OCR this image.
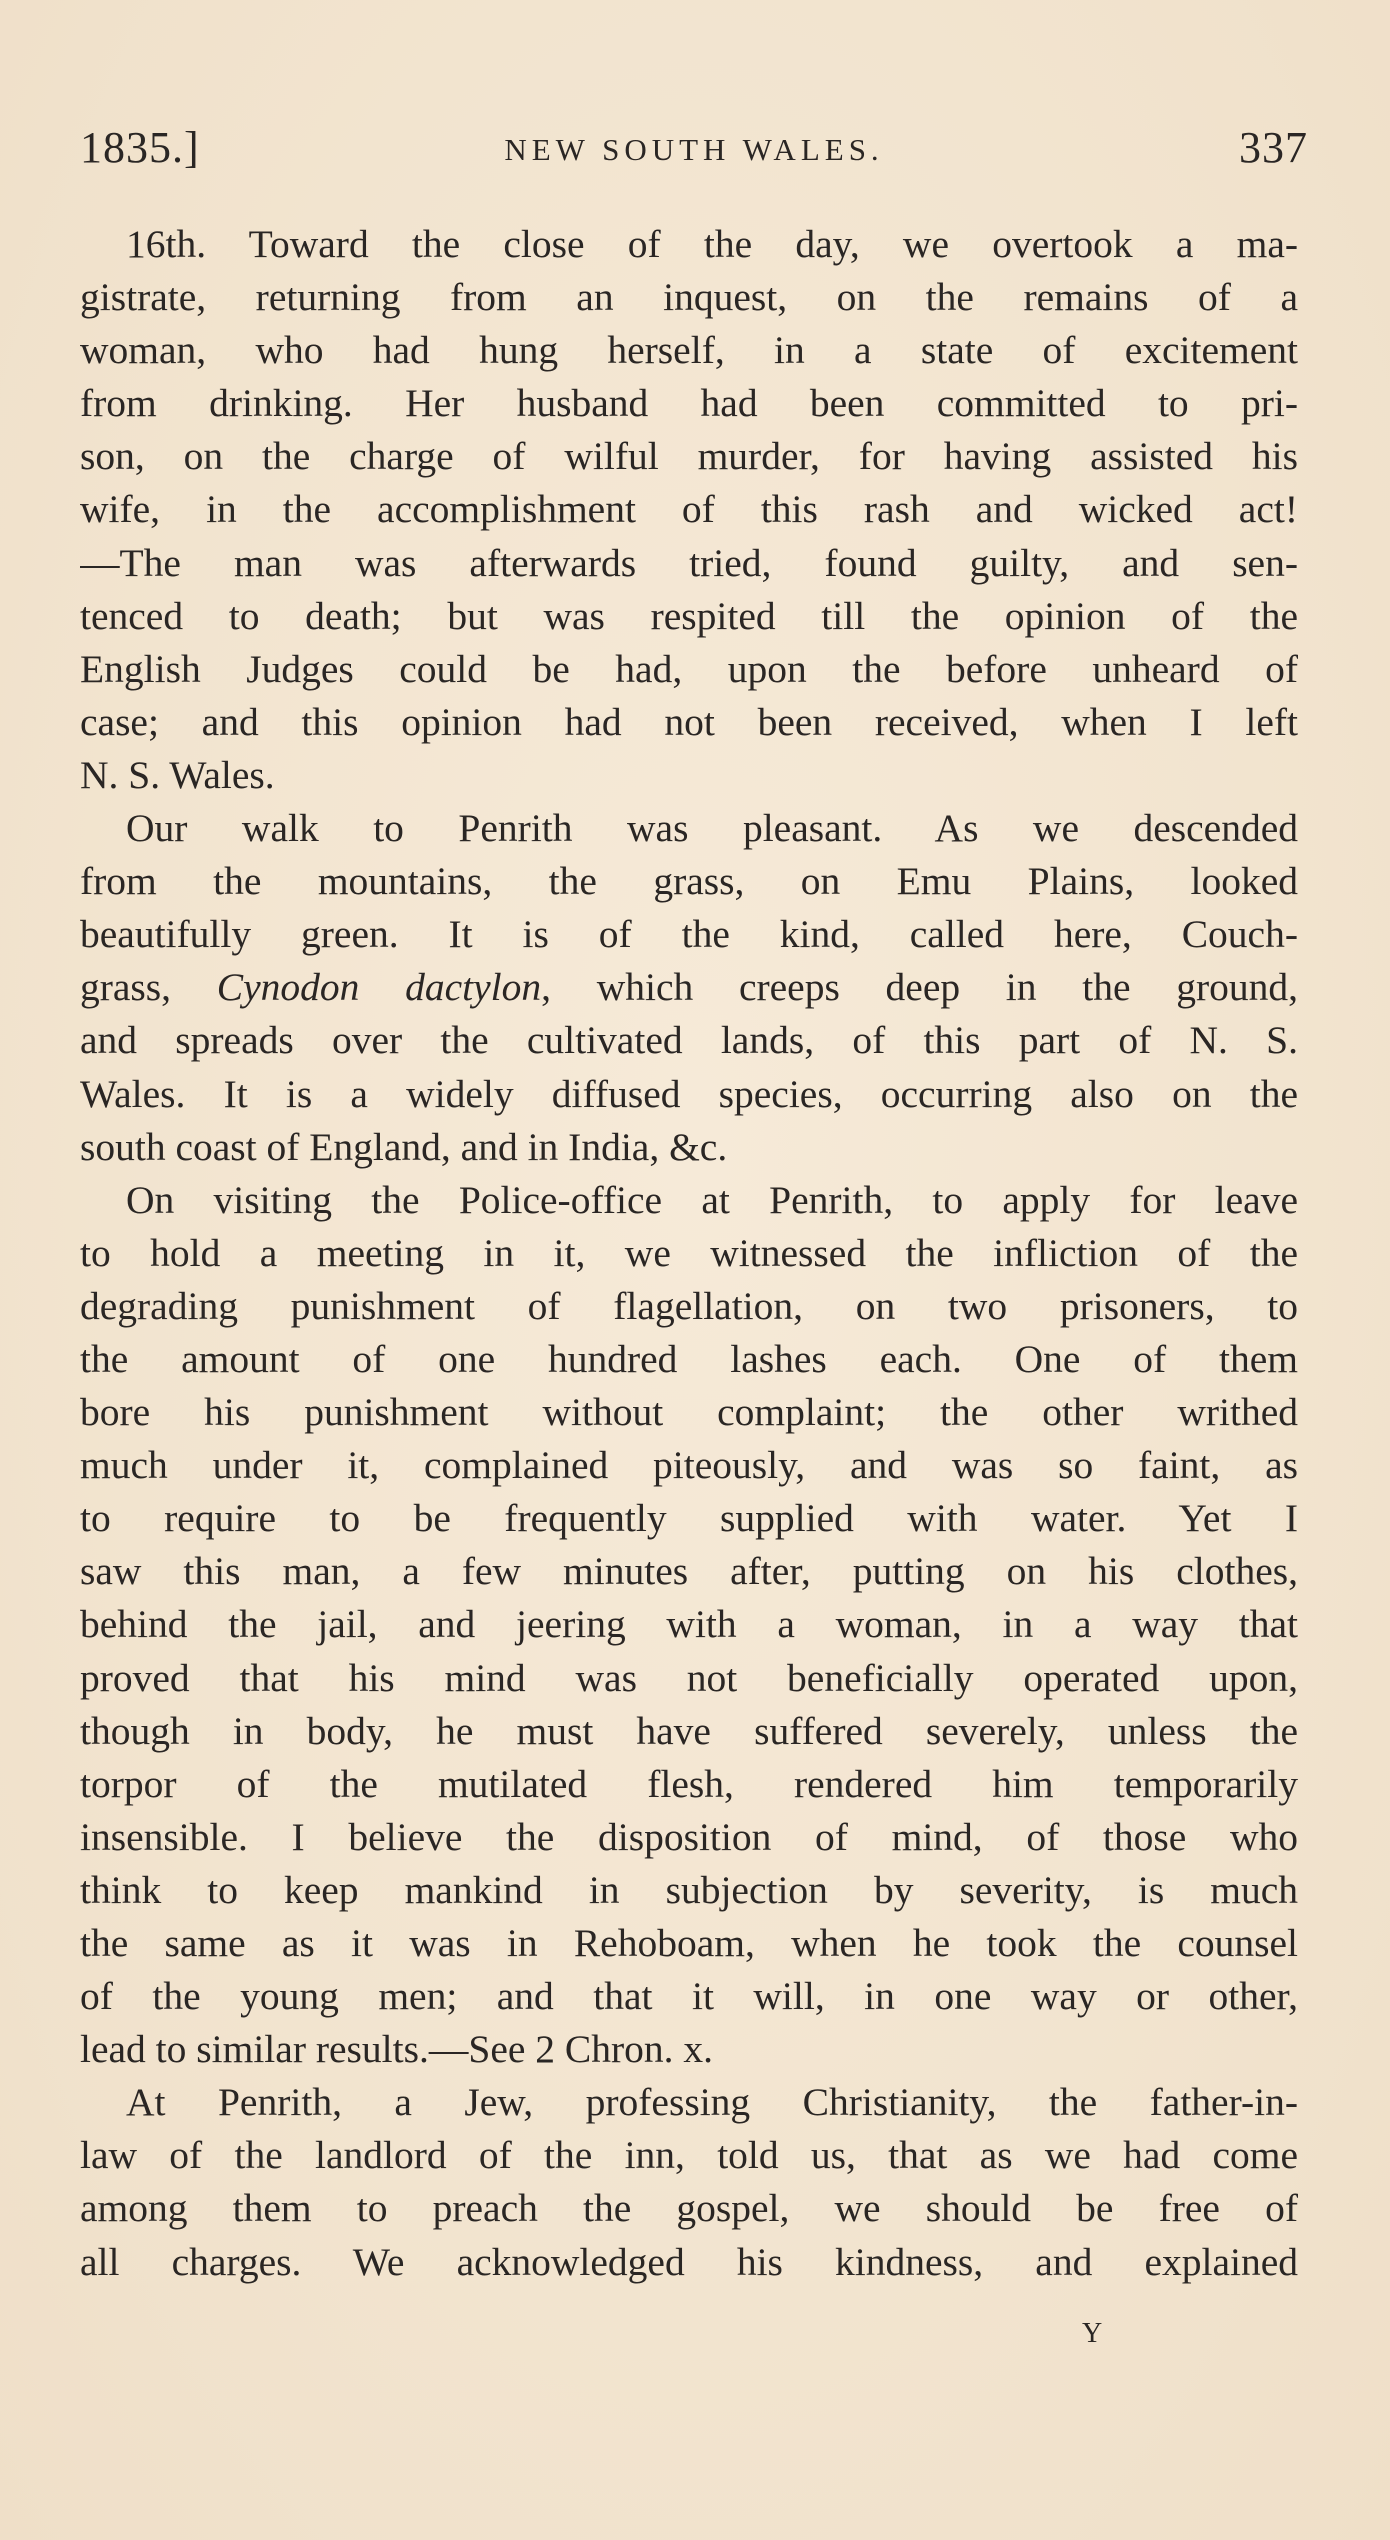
1835.]	NEW SOUTH WALES.	337
16th. Toward the close of the day, we overtook a ma-
gistrate, returning from an inquest, on the remains of a
woman, who had hung herself, in a state of excitement
from drinking. Her husband had been committed to pri-
son, on the charge of wilful murder, for having assisted his
wife, in the accomplishment of this rash and wicked act!
—The man was afterwards tried, found guilty, and sen-
tenced to death; but was respited till the opinion of the
English Judges could be had, upon the before unheard of
case; and this opinion had not been received, when I left
N. S. Wales.
Our walk to Penrith was pleasant. As we descended
from the mountains, the grass, on Emu Plains, looked
beautifully green. It is of the kind, called here, Couch-
grass, Cynodon dactylon, which creeps deep in the ground,
and spreads over the cultivated lands, of this part of N. S.
Wales. It is a widely diffused species, occurring also on the
south coast of England, and in India, &c.
On visiting the Police-office at Penrith, to apply for leave
to hold a meeting in it, we witnessed the infliction of the
degrading punishment of flagellation, on two prisoners, to
the amount of one hundred lashes each. One of them
bore his punishment without complaint; the other writhed
much under it, complained piteously, and was so faint, as
to require to be frequently supplied with water. Yet I
saw this man, a few minutes after, putting on his clothes,
behind the jail, and jeering with a woman, in a way that
proved that his mind was not beneficially operated upon,
though in body, he must have suffered severely, unless the
torpor of the mutilated flesh, rendered him temporarily
insensible. I believe the disposition of mind, of those who
think to keep mankind in subjection by severity, is much
the same as it was in Rehoboam, when he took the counsel
of the young men; and that it will, in one way or other,
lead to similar results.—See 2 Chron. x.
At Penrith, a Jew, professing Christianity, the father-in-
law of the landlord of the inn, told us, that as we had come
among them to preach the gospel, we should be free of
all charges. We acknowledged his kindness, and explained
Y
